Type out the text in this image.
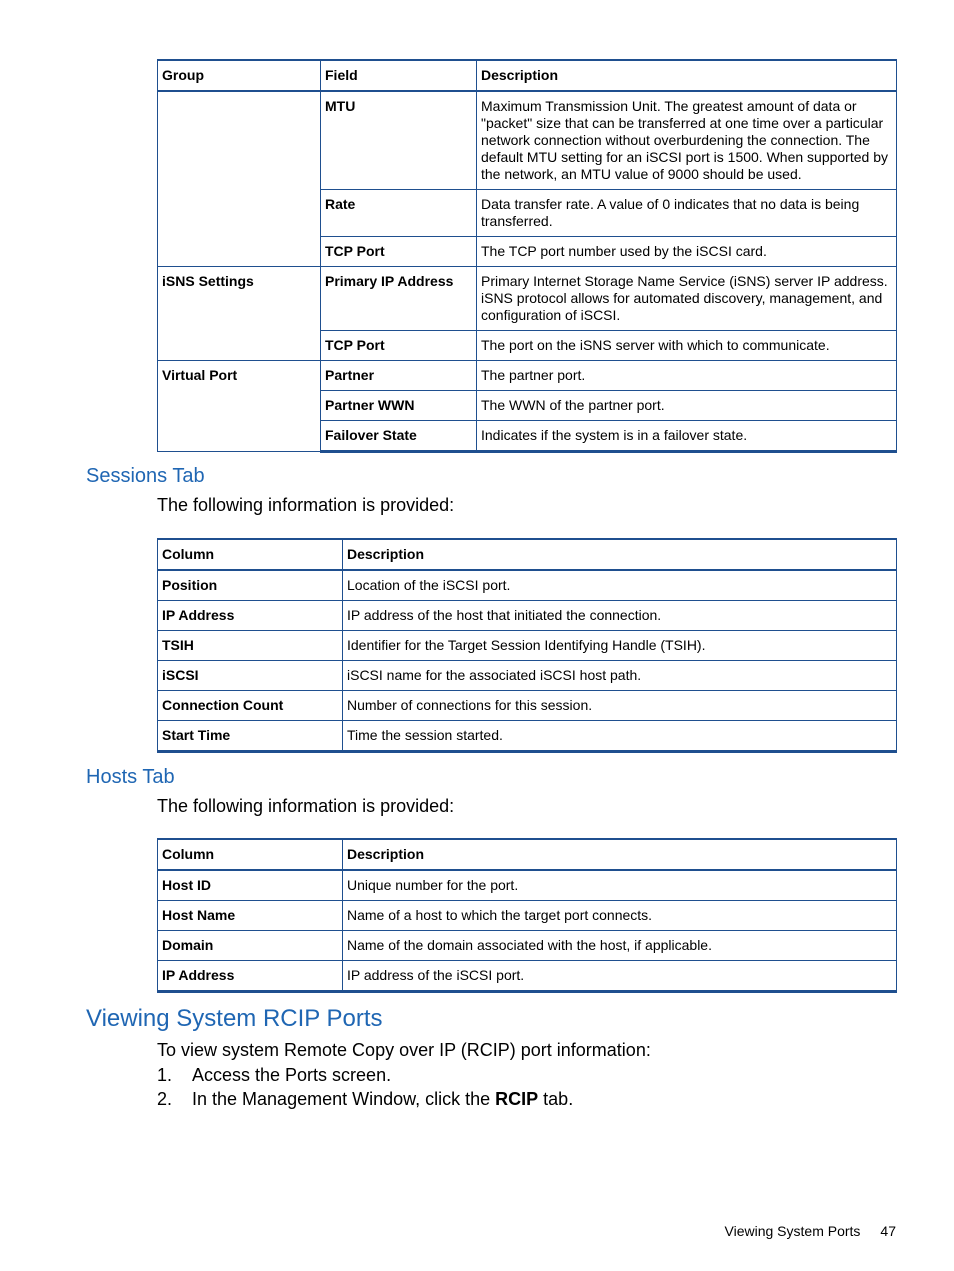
Group	Field	Description
	MTU	Maximum Transmission Unit. The greatest amount of data or "packet" size that can be transferred at one time over a particular network connection without overburdening the connection. The default MTU setting for an iSCSI port is 1500. When supported by the network, an MTU value of 9000 should be used.
	Rate	Data transfer rate. A value of 0 indicates that no data is being transferred.
	TCP Port	The TCP port number used by the iSCSI card.
iSNS Settings	Primary IP Address	Primary Internet Storage Name Service (iSNS) server IP address. iSNS protocol allows for automated discovery, management, and configuration of iSCSI.
	TCP Port	The port on the iSNS server with which to communicate.
Virtual Port	Partner	The partner port.
	Partner WWN	The WWN of the partner port.
	Failover State	Indicates if the system is in a failover state.
Sessions Tab
The following information is provided:
Column	Description
Position	Location of the iSCSI port.
IP Address	IP address of the host that initiated the connection.
TSIH	Identifier for the Target Session Identifying Handle (TSIH).
iSCSI	iSCSI name for the associated iSCSI host path.
Connection Count	Number of connections for this session.
Start Time	Time the session started.
Hosts Tab
The following information is provided:
Column	Description
Host ID	Unique number for the port.
Host Name	Name of a host to which the target port connects.
Domain	Name of the domain associated with the host, if applicable.
IP Address	IP address of the iSCSI port.
Viewing System RCIP Ports
To view system Remote Copy over IP (RCIP) port information:
1. Access the Ports screen.
2. In the Management Window, click the RCIP tab.
Viewing System Ports 47
